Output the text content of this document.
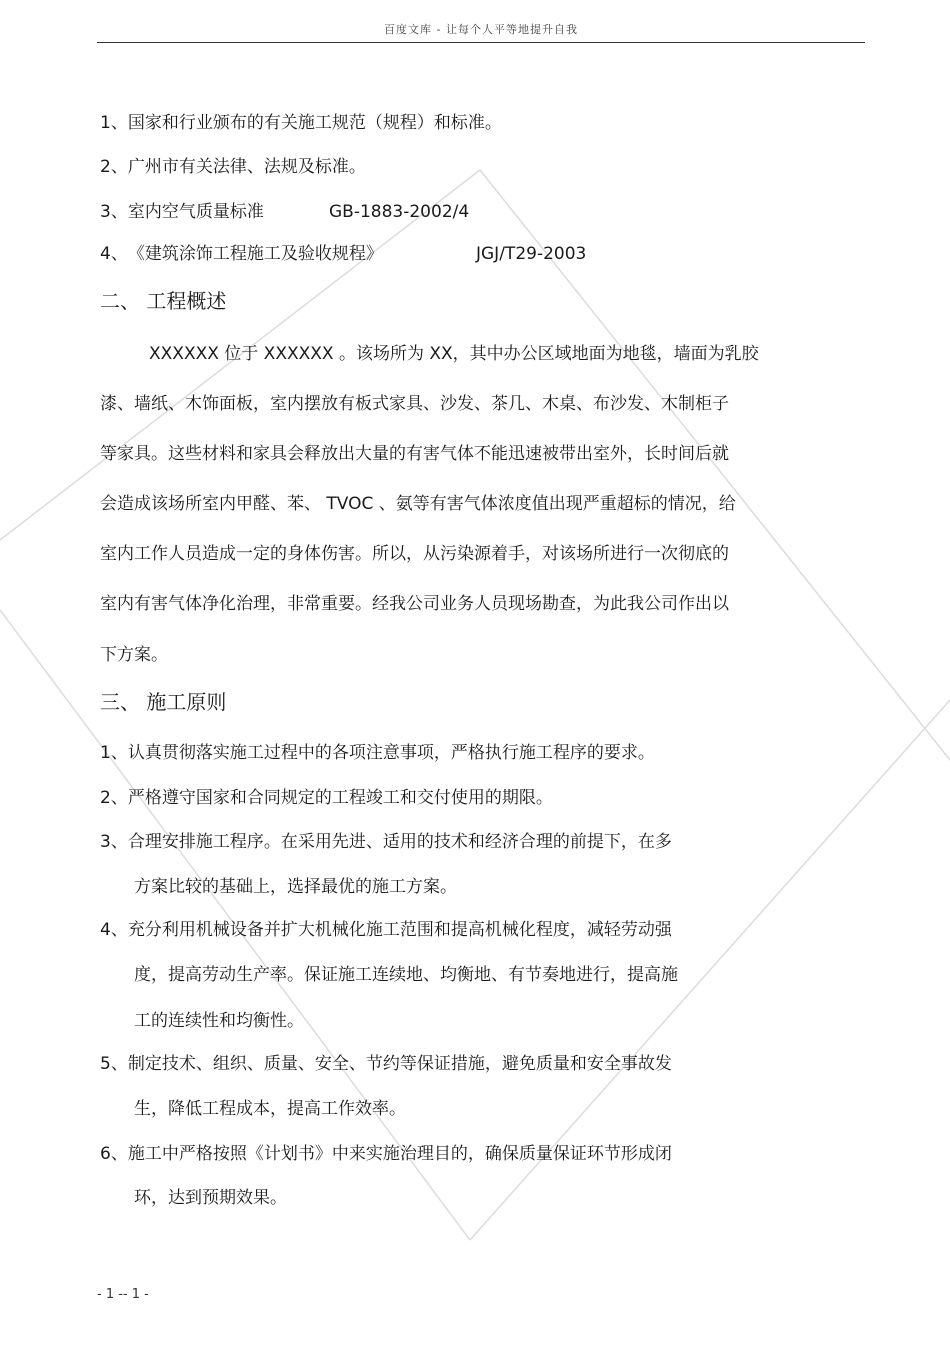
百度文库 - 让每个人平等地提升自我
1、国家和行业颁布的有关施工规范（规程）和标准。
2、广州市有关法律、法规及标准。
3、室内空气质量标准	GB-1883-2002/4
4、《建筑涂饰工程施工及验收规程》	JGJ/T29-2003
二、 工程概述
XXXXXX 位于 XXXXXX 。该场所为 XX，其中办公区域地面为地毯，墙面为乳胶
漆、墙纸、木饰面板，室内摆放有板式家具、沙发、茶几、木桌、布沙发、木制柜子
等家具。这些材料和家具会释放出大量的有害气体不能迅速被带出室外，长时间后就
会造成该场所室内甲醛、苯、 TVOC 、氨等有害气体浓度值出现严重超标的情况，给
室内工作人员造成一定的身体伤害。所以，从污染源着手，对该场所进行一次彻底的
室内有害气体净化治理，非常重要。经我公司业务人员现场勘查，为此我公司作出以
下方案。
三、 施工原则
1、认真贯彻落实施工过程中的各项注意事项，严格执行施工程序的要求。
2、严格遵守国家和合同规定的工程竣工和交付使用的期限。
3、合理安排施工程序。在采用先进、适用的技术和经济合理的前提下，在多
方案比较的基础上，选择最优的施工方案。
4、充分利用机械设备并扩大机械化施工范围和提高机械化程度，减轻劳动强
度，提高劳动生产率。保证施工连续地、均衡地、有节奏地进行，提高施
工的连续性和均衡性。
5、制定技术、组织、质量、安全、节约等保证措施，避免质量和安全事故发
生，降低工程成本，提高工作效率。
6、施工中严格按照《计划书》中来实施治理目的，确保质量保证环节形成闭
环，达到预期效果。
- 1 -- 1 -
